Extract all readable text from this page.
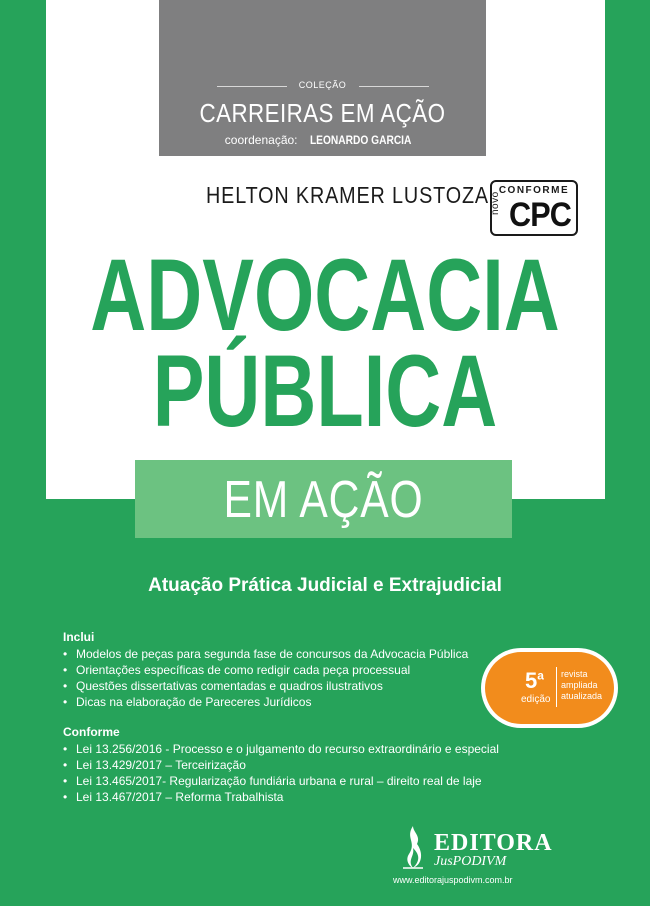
COLEÇÃO
CARREIRAS EM AÇÃO
coordenação: LEONARDO GARCIA
HELTON KRAMER LUSTOZA CONFORME
novo CPC
ADVOCACIA
PÚBLICA
EM AÇÃO
Atuação Prática Judicial e Extrajudicial
Inclui
• Modelos de peças para segunda fase de concursos da Advocacia Pública
• Orientações específicas de como redigir cada peça processual
• Questões dissertativas comentadas e quadros ilustrativos
• Dicas na elaboração de Pareceres Jurídicos
Conforme
• Lei 13.256/2016 - Processo e o julgamento do recurso extraordinário e especial
• Lei 13.429/2017 – Terceirização
• Lei 13.465/2017- Regularização fundiária urbana e rural – direito real de laje
• Lei 13.467/2017 – Reforma Trabalhista
5$^a$
edição
revista
ampliada
atualizada
EDITORA
JusPODIVM
www.editorajuspodivm.com.br
